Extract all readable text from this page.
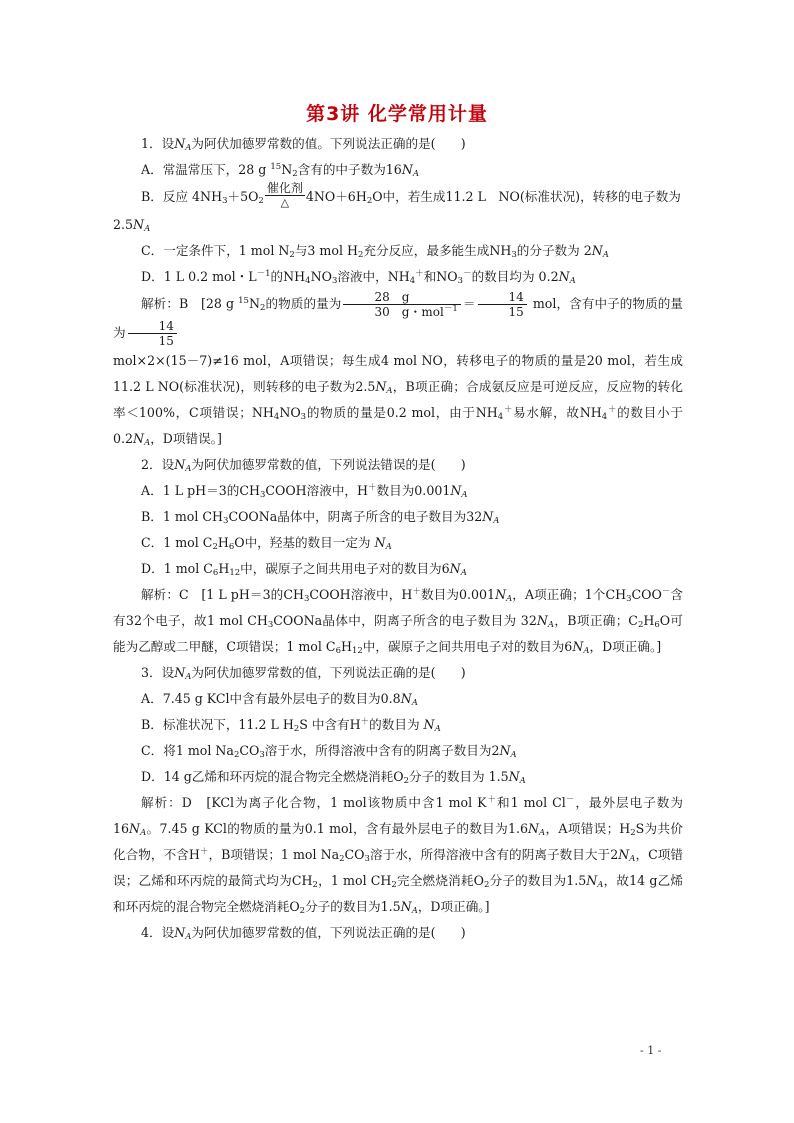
第3讲 化学常用计量

1．设$N_A$为阿伏加德罗常数的值。下列说法正确的是(　　)

A．常温常压下，28 g $^{15}N_2$含有的中子数为$16N_A$

B．反应 $4NH_3+5O_2$
催化剂
△	$4NO+6H_2O$中，若生成11.2 L　NO(标准状况)，转移的电子数为

$2.5N_A$

C．一定条件下，1 mol $N_2$与3 mol $H_2$充分反应，最多能生成$NH_3$的分子数为 $2N_A$

D．1 L 0.2 mol・$L^{-1}$的$NH_4NO_3$溶液中，$NH_4^+$和$NO_3^-$的数目均为 $0.2N_A$

解析：B　[28 g $^{15}N_2$的物质的量为 $\frac{28 g}{30 g・mol^{-1}} = \frac{14}{15}$ mol，含有中子的物质的量为 $\frac{14}{15}$

mol×2×(15－7)≠16 mol，A项错误；每生成4 mol NO，转移电子的物质的量是20 mol，若生成11.2 L NO(标准状况)，则转移的电子数为$2.5N_A$，B项正确；合成氨反应是可逆反应，反应物的转化率＜100%，C项错误；$NH_4NO_3$的物质的量是0.2 mol，由于$NH_4^+$易水解，故$NH_4^+$的数目小于$0.2N_A$，D项错误。]

2．设$N_A$为阿伏加德罗常数的值，下列说法错误的是(　　)

A．1 L pH＝3的$CH_3COOH$溶液中，H＋数目为$0.001N_A$

B．1 mol $CH_3COONa$晶体中，阴离子所含的电子数目为$32N_A$

C．1 mol $C_2H_6O$中，羟基的数目一定为 $N_A$

D．1 mol $C_6H_{12}$中，碳原子之间共用电子对的数目为$6N_A$

解析：C　[1 L pH＝3的$CH_3COOH$溶液中，H＋数目为$0.001N_A$，A项正确；1个$CH_3COO^-$含有32个电子，故1 mol $CH_3COONa$晶体中，阴离子所含的电子数目为 $32N_A$，B项正确；$C_2H_6O$可能为乙醇或二甲醚，C项错误；1 mol $C_6H_{12}$中，碳原子之间共用电子对的数目为$6N_A$，D项正确。]

3．设$N_A$为阿伏加德罗常数的值，下列说法正确的是(　　)

A．7.45 g KCl中含有最外层电子的数目为$0.8N_A$

B．标准状况下，11.2 L $H_2S$ 中含有H＋的数目为 $N_A$

C．将1 mol $Na_2CO_3$溶于水，所得溶液中含有的阴离子数目为$2N_A$

D．14 g乙烯和环丙烷的混合物完全燃烧消耗$O_2$分子的数目为 $1.5N_A$

解析：D　[KCl为离子化合物，1 mol该物质中含1 mol K＋和1 mol Cl－，最外层电子数为$16N_A$。7.45 g KCl的物质的量为0.1 mol，含有最外层电子的数目为$1.6N_A$，A项错误；$H_2S$为共价化合物，不含H＋，B项错误；1 mol $Na_2CO_3$溶于水，所得溶液中含有的阴离子数目大于$2N_A$，C项错误；乙烯和环丙烷的最简式均为$CH_2$，1 mol $CH_2$完全燃烧消耗$O_2$分子的数目为$1.5N_A$，故14 g乙烯和环丙烷的混合物完全燃烧消耗$O_2$分子的数目为$1.5N_A$，D项正确。]

4．设$N_A$为阿伏加德罗常数的值，下列说法正确的是(　　)

- 1 -
